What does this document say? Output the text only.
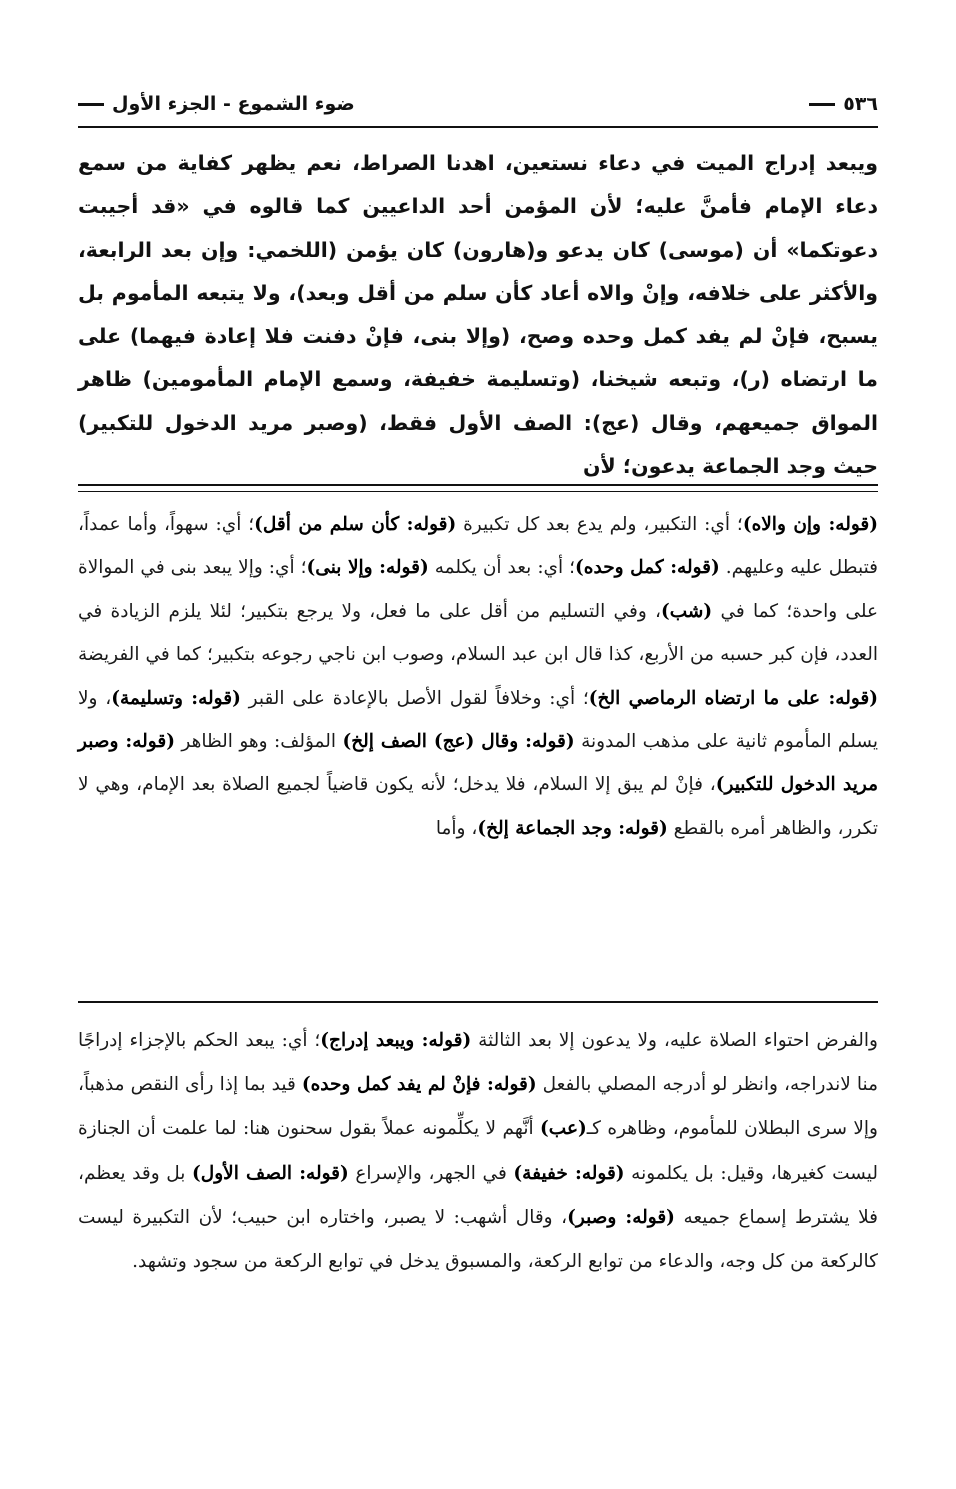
٥٣٦
ضوء الشموع - الجزء الأول

ويبعد إدراج الميت في دعاء نستعين، اهدنا الصراط، نعم يظهر كفاية من سمع دعاء الإمام فأمنَّ عليه؛ لأن المؤمن أحد الداعيين كما قالوه في «قد أجيبت دعوتكما» أن (موسى) كان يدعو و(هارون) كان يؤمن (اللخمي: وإن بعد الرابعة، والأكثر على خلافه، وإنْ والاه أعاد كأن سلم من أقل وبعد)، ولا يتبعه المأموم بل يسبح، فإنْ لم يفد كمل وحده وصح، (وإلا بنى، فإنْ دفنت فلا إعادة فيهما) على ما ارتضاه (ر)، وتبعه شيخنا، (وتسليمة خفيفة، وسمع الإمام المأمومين) ظاهر المواق جميعهم، وقال (عج): الصف الأول فقط، (وصبر مريد الدخول للتكبير) حيث وجد الجماعة يدعون؛ لأن

(قوله: وإن والاه)؛ أي: التكبير، ولم يدع بعد كل تكبيرة (قوله: كأن سلم من أقل)؛ أي: سهواً، وأما عمداً، فتبطل عليه وعليهم. (قوله: كمل وحده)؛ أي: بعد أن يكلمه (قوله: وإلا بنى)؛ أي: وإلا يبعد بنى في الموالاة على واحدة؛ كما في (شب)، وفي التسليم من أقل على ما فعل، ولا يرجع بتكبير؛ لئلا يلزم الزيادة في العدد، فإن كبر حسبه من الأربع، كذا قال ابن عبد السلام، وصوب ابن ناجي رجوعه بتكبير؛ كما في الفريضة (قوله: على ما ارتضاه الرماصي الخ)؛ أي: وخلافاً لقول الأصل بالإعادة على القبر (قوله: وتسليمة)، ولا يسلم المأموم ثانية على مذهب المدونة (قوله: وقال (عج) الصف إلخ) المؤلف: وهو الظاهر (قوله: وصبر مريد الدخول للتكبير)، فإنْ لم يبق إلا السلام، فلا يدخل؛ لأنه يكون قاضياً لجميع الصلاة بعد الإمام، وهي لا تكرر، والظاهر أمره بالقطع (قوله: وجد الجماعة إلخ)، وأما

والفرض احتواء الصلاة عليه، ولا يدعون إلا بعد الثالثة (قوله: ويبعد إدراج)؛ أي: يبعد الحكم بالإجزاء إدراجًا منا لاندراجه، وانظر لو أدرجه المصلي بالفعل (قوله: فإنْ لم يفد كمل وحده) قيد بما إذا رأى النقص مذهباً، وإلا سرى البطلان للمأموم، وظاهره كـ(عب) أنَّهم لا يكلِّمونه عملاً بقول سحنون هنا: لما علمت أن الجنازة ليست كغيرها، وقيل: بل يكلمونه (قوله: خفيفة) في الجهر، والإسراع (قوله: الصف الأول) بل وقد يعظم، فلا يشترط إسماع جميعه (قوله: وصبر)، وقال أشهب: لا يصبر، واختاره ابن حبيب؛ لأن التكبيرة ليست كالركعة من كل وجه، والدعاء من توابع الركعة، والمسبوق يدخل في توابع الركعة من سجود وتشهد.
